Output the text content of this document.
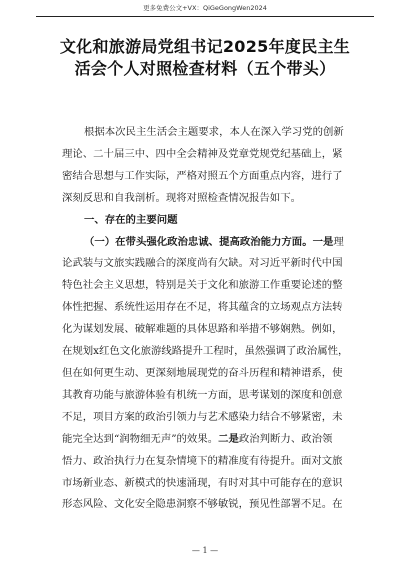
更多免费公文+VX：QiGeGongWen2024
文化和旅游局党组书记2025年度民主生
活会个人对照检查材料（五个带头）
根据本次民主生活会主题要求，本人在深入学习党的创新
理论、二十届三中、四中全会精神及党章党规党纪基础上，紧
密结合思想与工作实际，严格对照五个方面重点内容，进行了
深刻反思和自我剖析。现将对照检查情况报告如下。
一、存在的主要问题
（一）在带头强化政治忠诚、提高政治能力方面。一是理
论武装与文旅实践融合的深度尚有欠缺。对习近平新时代中国
特色社会主义思想，特别是关于文化和旅游工作重要论述的整
体性把握、系统性运用存在不足，将其蕴含的立场观点方法转
化为谋划发展、破解难题的具体思路和举措不够娴熟。例如，
在规划x红色文化旅游线路提升工程时，虽然强调了政治属性，
但在如何更生动、更深刻地展现党的奋斗历程和精神谱系，使
其教育功能与旅游体验有机统一方面，思考谋划的深度和创意
不足，项目方案的政治引领力与艺术感染力结合不够紧密，未
能完全达到“润物细无声”的效果。二是政治判断力、政治领
悟力、政治执行力在复杂情境下的精准度有待提升。面对文旅
市场新业态、新模式的快速涌现，有时对其中可能存在的意识
形态风险、文化安全隐患洞察不够敏锐，预见性部署不足。在
— 1 —
